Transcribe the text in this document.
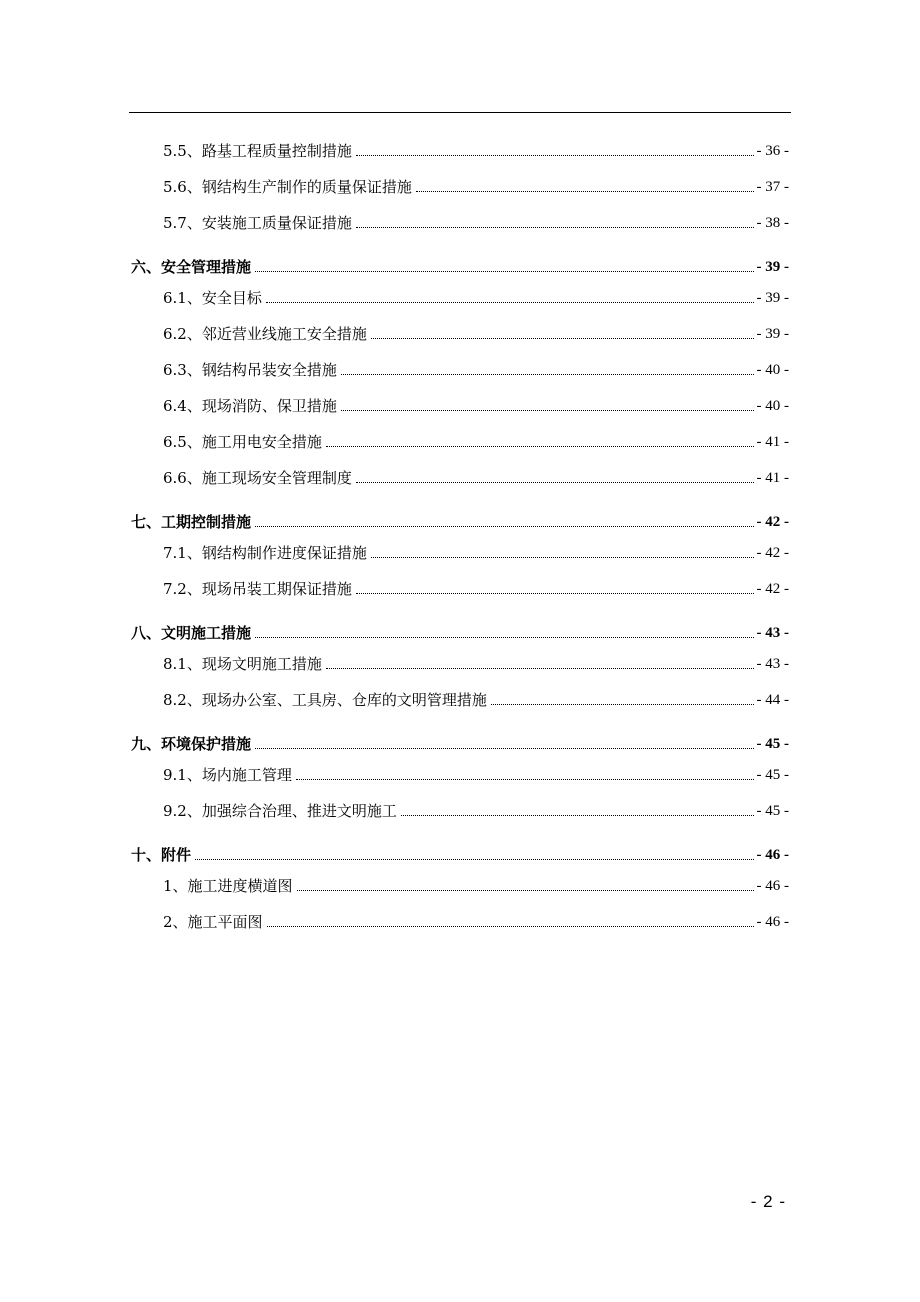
5.5、路基工程质量控制措施	- 36 -
5.6、钢结构生产制作的质量保证措施	- 37 -
5.7、安装施工质量保证措施	- 38 -
六、安全管理措施	- 39 -
6.1、安全目标	- 39 -
6.2、邻近营业线施工安全措施	- 39 -
6.3、钢结构吊装安全措施	- 40 -
6.4、现场消防、保卫措施	- 40 -
6.5、施工用电安全措施	- 41 -
6.6、施工现场安全管理制度	- 41 -
七、工期控制措施	- 42 -
7.1、钢结构制作进度保证措施	- 42 -
7.2、现场吊装工期保证措施	- 42 -
八、文明施工措施	- 43 -
8.1、现场文明施工措施	- 43 -
8.2、现场办公室、工具房、仓库的文明管理措施	- 44 -
九、环境保护措施	- 45 -
9.1、场内施工管理	- 45 -
9.2、加强综合治理、推进文明施工	- 45 -
十、附件	- 46 -
1、施工进度横道图	- 46 -
2、施工平面图	- 46 -
- 2 -
